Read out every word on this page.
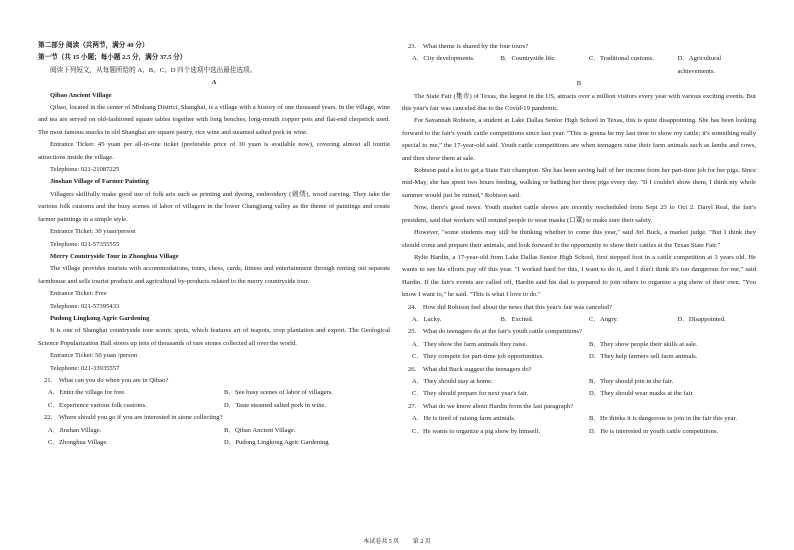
第二部分 阅读（共两节，满分 40 分）

第一节（共 15 小题；每小题 2.5 分，满分 37.5 分）

阅读下列短文，从每题所给的 A、B、C、D 四个选项中选出最佳选项。

A

Qibao Ancient Village

Qibao, located in the center of Minhang District, Shanghai, is a village with a history of one thousand years. In the village, wine and tea are served on old-fashioned square tables together with long benches, long-mouth copper pots and flat-end chopstick used. The most famous snacks in old Shanghai are square pastry, rice wine and steamed salted pork in wine.

Entrance Ticket: 45 yuan per all-in-one ticket (preferable price of 30 yuan is available now), covering almost all tourist attractions inside the village.

Telephone: 021-21087225

Jinshan Village of Farmer Painting

Villagers skillfully make good use of folk arts such as printing and dyeing, embroidery (刺绣), wood carving. They take the various folk customs and the busy scenes of labor of villagers in the lower Changjiang valley as the theme of paintings and create farmer paintings in a simple style.

Entrance Ticket: 30 yuan/person

Telephone: 021-57355555

Merry Countryside Tour in Zhonghua Village

The village provides tourists with accommodations, tours, chess, cards, fitness and entertainment through renting out separate farmhouse and sells tourist products and agricultural by-products related to the merry countryside tour.

Entrance Ticket: Free

Telephone: 021-57395433

Pudong Lingkong Agric Gardening

It is one of Shanghai countryside tour scenic spots, which features art of teapots, crop plantation and export. The Geological Science Popularization Hall stores up tens of thousands of rare stones collected all over the world.

Entrance Ticket: 50 yuan /person

Telephone: 021-33935557

21.　What can you do when you are in Qibao?

A．Enter the village for free.	B．See busy scenes of labor of villagers.
C．Experience various folk customs.	D．Taste steamed salted pork in wine.

22.　Where should you go if you are interested in stone collecting?

A．Jinshan Village.	B．Qibao Ancient Village.
C．Zhonghua Village.	D．Pudong Lingkong Agric Gardening.

23.　What theme is shared by the four tours?

A．City developments.	B．Countryside life.	C．Traditional customs.	D．Agricultural achievements.

B

The State Fair (集市) of Texas, the largest in the US, attracts over a million visitors every year with various exciting events. But this year's fair was canceled due to the Covid-19 pandemic.

For Savannah Robison, a student at Lake Dallas Senior High School in Texas, this is quite disappointing. She has been looking forward to the fair's youth cattle competitions since last year. "This is gonna be my last time to show my cattle; it's something really special to me," the 17-year-old said. Youth cattle competitions are when teenagers raise their farm animals such as lambs and cows, and then show them at sale.

Robison paid a lot to get a State Fair champion. She has been saving half of her income from her part-time job for her pigs. Since mid-May, she has spent two hours feeding, walking or bathing her three pigs every day. "If I couldn't show them, I think my whole summer would just be ruined," Robison said.

Now, there's good news. Youth market cattle shows are recently rescheduled from Sept 23 to Oct 2. Daryl Real, the fair's president, said that workers will remind people to wear masks (口罩) to make sure their safety.

However, "some students may still be thinking whether to come this year," said Jirl Buck, a market judge. "But I think they should come and prepare their animals, and look forward to the opportunity to show their cattles at the Texas State Fair."

Rylie Hardin, a 17-year-old from Lake Dallas Senior High School, first stepped foot in a cattle competition at 3 years old. He wants to see his efforts pay off this year. "I worked hard for this, I want to do it, and I don't think it's too dangerous for me," said Hardin. If the fair's events are called off, Hardin said his dad is prepared to join others to organize a pig show of their own. "You know I want to," he said. "This is what I love to do."

24.　How did Robison feel about the news that this year's fair was canceled?

A．Lucky.	B．Excited.	C．Angry.	D．Disappointed.

25.　What do teenagers do at the fair's youth cattle competitions?

A．They show the farm animals they raise.	B．They show people their skills at sale.
C．They compete for part-time job opportunities.	D．They help farmers sell farm animals.

26.　What did Buck suggest the teenagers do?

A．They should stay at home.	B．They should join in the fair.
C．They should prepare for next year's fair.	D．They should wear masks at the fair.

27.　What do we know about Hardin from the last paragraph?

A．He is tired of raising farm animals.	B．He thinks it is dangerous to join in the fair this year.
C．He wants to organize a pig show by himself.	D．He is interested in youth cattle competitions.
本试卷共 5 页 第 2 页
